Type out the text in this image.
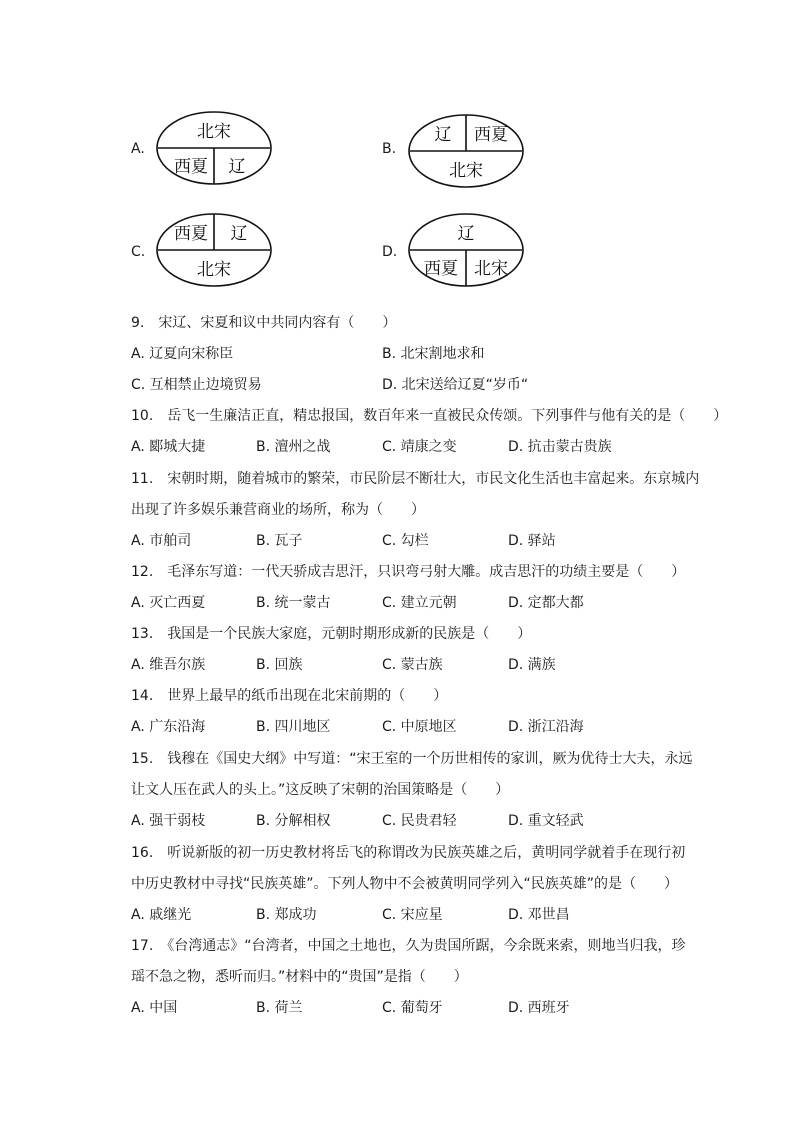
A.
北宋
西夏 辽
B.
辽 西夏
北宋
C.
西夏 辽
北宋
D.
辽
西夏 北宋
9.　宋辽、宋夏和议中共同内容有（　　）
A. 辽夏向宋称臣	B. 北宋割地求和
C. 互相禁止边境贸易	D. 北宋送给辽夏“岁币“
10.　岳飞一生廉洁正直，精忠报国，数百年来一直被民众传颂。下列事件与他有关的是（　　）
A. 郾城大捷	B. 澶州之战	C. 靖康之变	D. 抗击蒙古贵族
11.　宋朝时期，随着城市的繁荣，市民阶层不断壮大，市民文化生活也丰富起来。东京城内
出现了许多娱乐兼营商业的场所，称为（　　）
A. 市舶司	B. 瓦子	C. 勾栏	D. 驿站
12.　毛泽东写道：一代天骄成吉思汗，只识弯弓射大雕。成吉思汗的功绩主要是（　　）
A. 灭亡西夏	B. 统一蒙古	C. 建立元朝	D. 定都大都
13.　我国是一个民族大家庭，元朝时期形成新的民族是（　　）
A. 维吾尔族	B. 回族	C. 蒙古族	D. 满族
14.　世界上最早的纸币出现在北宋前期的（　　）
A. 广东沿海	B. 四川地区	C. 中原地区	D. 浙江沿海
15.　钱穆在《国史大纲》中写道：“宋王室的一个历世相传的家训，厥为优待士大夫，永远
让文人压在武人的头上。”这反映了宋朝的治国策略是（　　）
A. 强干弱枝	B. 分解相权	C. 民贵君轻	D. 重文轻武
16.　听说新版的初一历史教材将岳飞的称谓改为民族英雄之后，黄明同学就着手在现行初
中历史教材中寻找“民族英雄”。下列人物中不会被黄明同学列入“民族英雄”的是（　　）
A. 戚继光	B. 郑成功	C. 宋应星	D. 邓世昌
17.　《台湾通志》“台湾者，中国之土地也，久为贵国所踞，今余既来索，则地当归我，珍
瑶不急之物，悉听而归。”材料中的“贵国”是指（　　）
A. 中国	B. 荷兰	C. 葡萄牙	D. 西班牙
